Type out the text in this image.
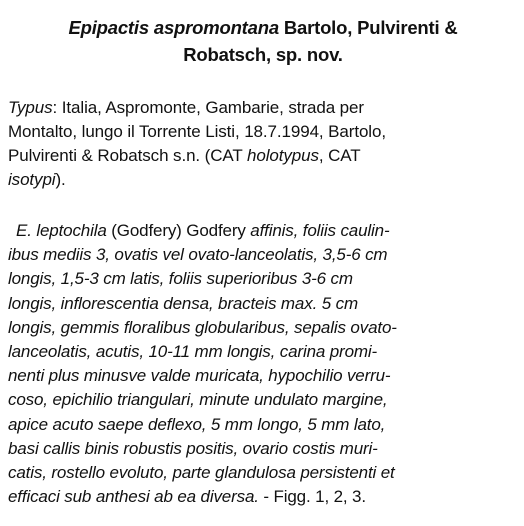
Epipactis aspromontana Bartolo, Pulvirenti &
Robatsch, sp. nov.
Typus: Italia, Aspromonte, Gambarie, strada per
Montalto, lungo il Torrente Listi, 18.7.1994, Bartolo,
Pulvirenti & Robatsch s.n. (CAT holotypus, CAT
isotypi).
E. leptochila (Godfery) Godfery affinis, foliis caulin-
ibus mediis 3, ovatis vel ovato-lanceolatis, 3,5-6 cm
longis, 1,5-3 cm latis, foliis superioribus 3-6 cm
longis, inflorescentia densa, bracteis max. 5 cm
longis, gemmis floralibus globularibus, sepalis ovato-
lanceolatis, acutis, 10-11 mm longis, carina promi-
nenti plus minusve valde muricata, hypochilio verru-
coso, epichilio triangulari, minute undulato margine,
apice acuto saepe deflexo, 5 mm longo, 5 mm lato,
basi callis binis robustis positis, ovario costis muri-
catis, rostello evoluto, parte glandulosa persistenti et
efficaci sub anthesi ab ea diversa. - Figg. 1, 2, 3.
